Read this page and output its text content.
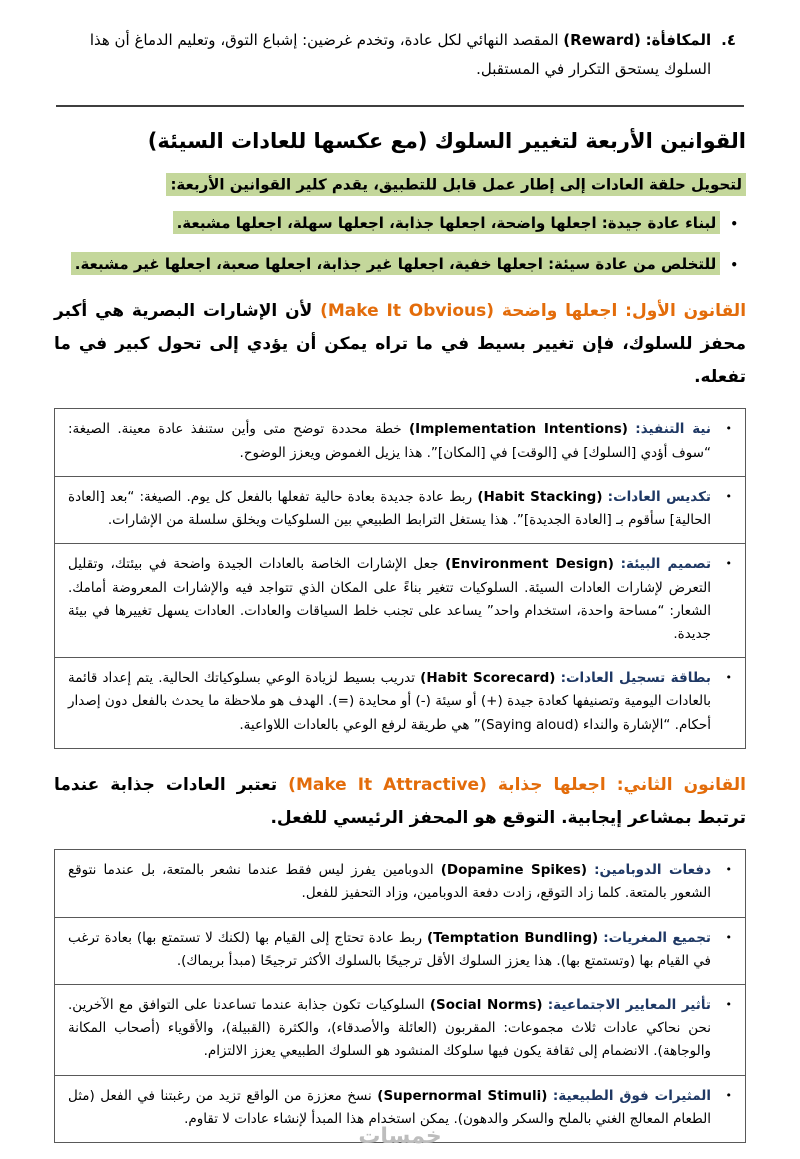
٤.

المكافأة: (Reward) المقصد النهائي لكل عادة، وتخدم غرضين: إشباع التوق، وتعليم الدماغ أن هذا السلوك يستحق التكرار في المستقبل.

القوانين الأربعة لتغيير السلوك (مع عكسها للعادات السيئة)

لتحويل حلقة العادات إلى إطار عمل قابل للتطبيق، يقدم كلير القوانين الأربعة:

•
لبناء عادة جيدة: اجعلها واضحة، اجعلها جذابة، اجعلها سهلة، اجعلها مشبعة.
•
للتخلص من عادة سيئة: اجعلها خفية، اجعلها غير جذابة، اجعلها صعبة، اجعلها غير مشبعة.

القانون الأول: اجعلها واضحة (Make It Obvious) لأن الإشارات البصرية هي أكبر محفز للسلوك، فإن تغيير بسيط في ما تراه يمكن أن يؤدي إلى تحول كبير في ما تفعله.

•

نية التنفيذ: (Implementation Intentions) خطة محددة توضح متى وأين ستنفذ عادة معينة. الصيغة: “سوف أؤدي [السلوك] في [الوقت] في [المكان]”. هذا يزيل الغموض ويعزز الوضوح.

•

تكديس العادات: (Habit Stacking) ربط عادة جديدة بعادة حالية تفعلها بالفعل كل يوم. الصيغة: “بعد [العادة الحالية] سأقوم بـ [العادة الجديدة]”. هذا يستغل الترابط الطبيعي بين السلوكيات ويخلق سلسلة من الإشارات.

•

تصميم البيئة: (Environment Design) جعل الإشارات الخاصة بالعادات الجيدة واضحة في بيئتك، وتقليل التعرض لإشارات العادات السيئة. السلوكيات تتغير بناءً على المكان الذي تتواجد فيه والإشارات المعروضة أمامك. الشعار: “مساحة واحدة، استخدام واحد” يساعد على تجنب خلط السياقات والعادات. العادات يسهل تغييرها في بيئة جديدة.

•

بطاقة تسجيل العادات: (Habit Scorecard) تدريب بسيط لزيادة الوعي بسلوكياتك الحالية. يتم إعداد قائمة بالعادات اليومية وتصنيفها كعادة جيدة (+) أو سيئة (-) أو محايدة (=). الهدف هو ملاحظة ما يحدث بالفعل دون إصدار أحكام. “الإشارة والنداء (Saying aloud)” هي طريقة لرفع الوعي بالعادات اللاواعية.

القانون الثاني: اجعلها جذابة (Make It Attractive) تعتبر العادات جذابة عندما ترتبط بمشاعر إيجابية. التوقع هو المحفز الرئيسي للفعل.

•

دفعات الدوبامين: (Dopamine Spikes) الدوبامين يفرز ليس فقط عندما نشعر بالمتعة، بل عندما نتوقع الشعور بالمتعة. كلما زاد التوقع، زادت دفعة الدوبامين، وزاد التحفيز للفعل.

•

تجميع المغريات: (Temptation Bundling) ربط عادة تحتاج إلى القيام بها (لكنك لا تستمتع بها) بعادة ترغب في القيام بها (وتستمتع بها). هذا يعزز السلوك الأقل ترجيحًا بالسلوك الأكثر ترجيحًا (مبدأ بريماك).

•

تأثير المعايير الاجتماعية: (Social Norms) السلوكيات تكون جذابة عندما تساعدنا على التوافق مع الآخرين. نحن نحاكي عادات ثلاث مجموعات: المقربون (العائلة والأصدقاء)، والكثرة (القبيلة)، والأقوياء (أصحاب المكانة والوجاهة). الانضمام إلى ثقافة يكون فيها سلوكك المنشود هو السلوك الطبيعي يعزز الالتزام.

•

المثيرات فوق الطبيعية: (Supernormal Stimuli) نسخ معززة من الواقع تزيد من رغبتنا في الفعل (مثل الطعام المعالج الغني بالملح والسكر والدهون). يمكن استخدام هذا المبدأ لإنشاء عادات لا تقاوم.

خمسات
